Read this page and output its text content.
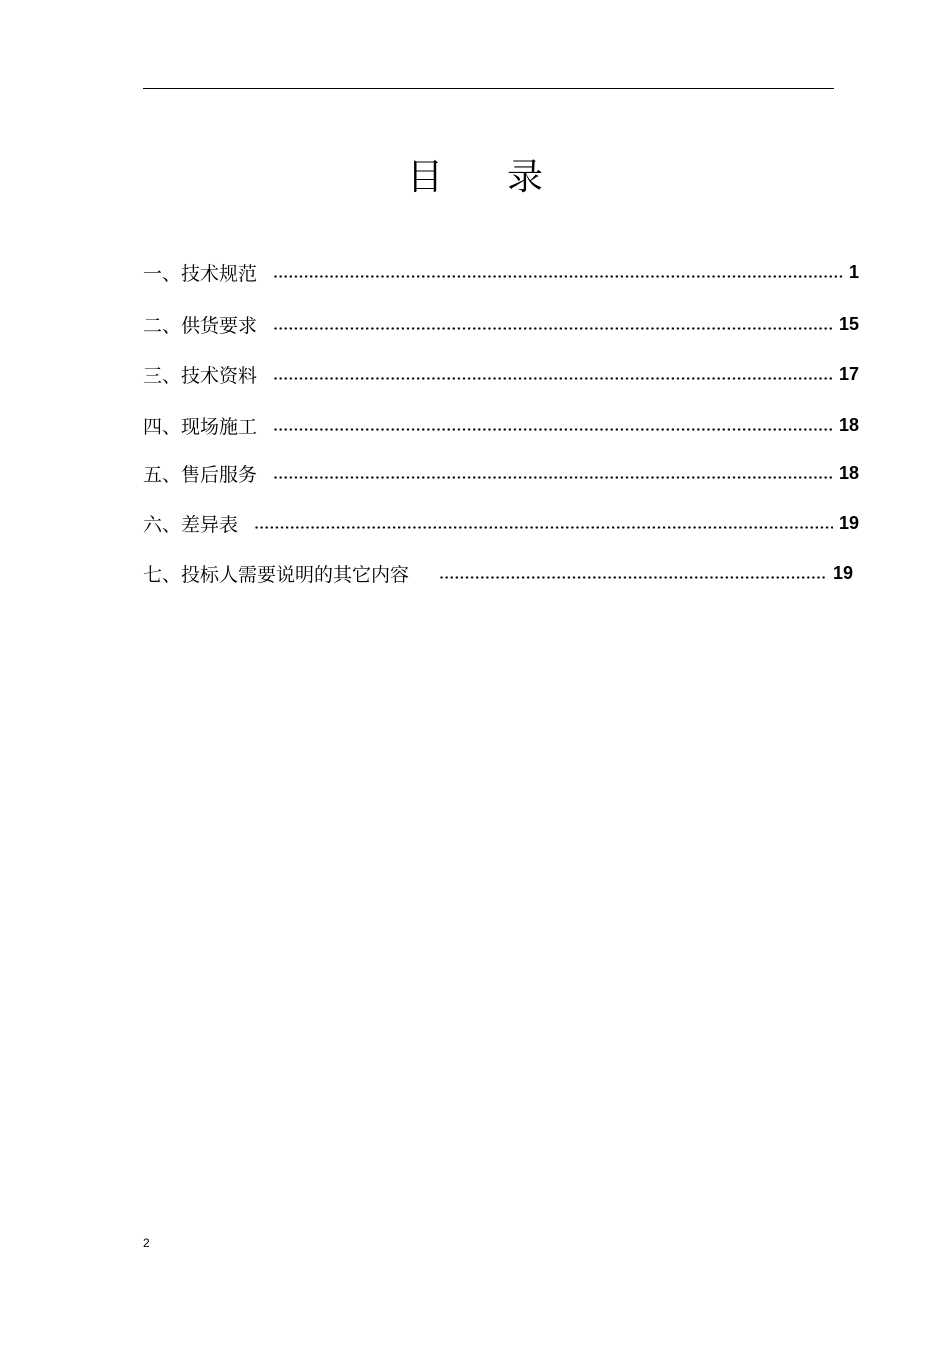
目 录
一、技术规范	1
二、供货要求	15
三、技术资料	17
四、现场施工	18
五、售后服务	18
六、差异表	19
七、投标人需要说明的其它内容	19
2
